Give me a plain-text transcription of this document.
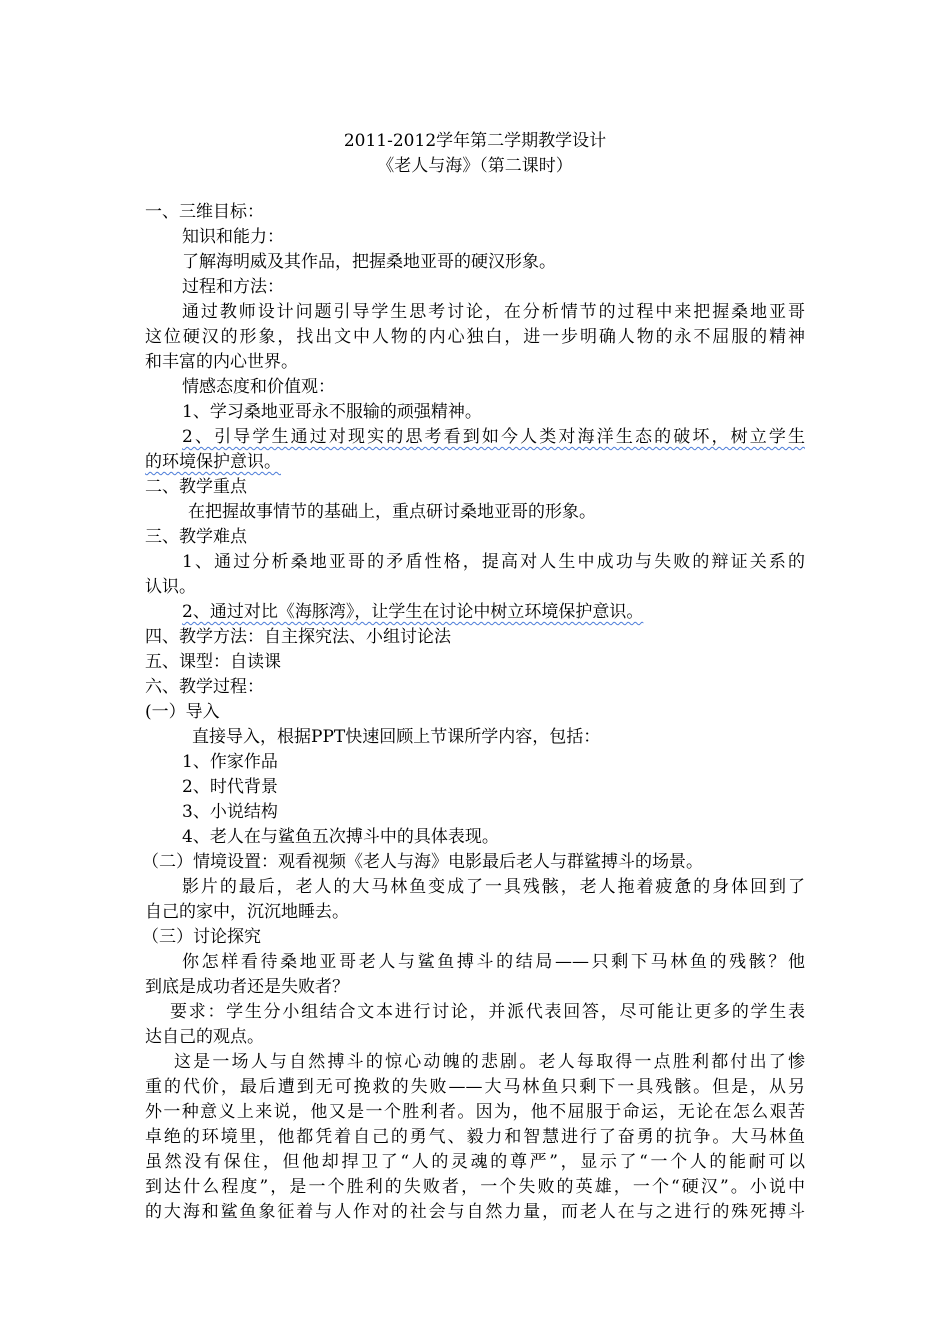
2011-2012学年第二学期教学设计
《老人与海》（第二课时）
一、三维目标：
知识和能力：
了解海明威及其作品，把握桑地亚哥的硬汉形象。
过程和方法：
通过教师设计问题引导学生思考讨论，在分析情节的过程中来把握桑地亚哥
这位硬汉的形象，找出文中人物的内心独白，进一步明确人物的永不屈服的精神
和丰富的内心世界。
情感态度和价值观：
1、学习桑地亚哥永不服输的顽强精神。
2、引导学生通过对现实的思考看到如今人类对海洋生态的破坏，树立学生
的环境保护意识。
二、教学重点
在把握故事情节的基础上，重点研讨桑地亚哥的形象。
三、教学难点
1、通过分析桑地亚哥的矛盾性格，提高对人生中成功与失败的辩证关系的
认识。
2、通过对比《海豚湾》，让学生在讨论中树立环境保护意识。
四、教学方法：自主探究法、小组讨论法
五、课型：自读课
六、教学过程：
(一）导入
直接导入，根据PPT快速回顾上节课所学内容，包括：
1、作家作品
2、时代背景
3、小说结构
4、老人在与鲨鱼五次搏斗中的具体表现。
（二）情境设置：观看视频《老人与海》电影最后老人与群鲨搏斗的场景。
影片的最后，老人的大马林鱼变成了一具残骸，老人拖着疲惫的身体回到了
自己的家中，沉沉地睡去。
（三）讨论探究
你怎样看待桑地亚哥老人与鲨鱼搏斗的结局——只剩下马林鱼的残骸？他
到底是成功者还是失败者？
要求：学生分小组结合文本进行讨论，并派代表回答，尽可能让更多的学生表
达自己的观点。
这是一场人与自然搏斗的惊心动魄的悲剧。老人每取得一点胜利都付出了惨
重的代价，最后遭到无可挽救的失败——大马林鱼只剩下一具残骸。但是，从另
外一种意义上来说，他又是一个胜利者。因为，他不屈服于命运，无论在怎么艰苦
卓绝的环境里，他都凭着自己的勇气、毅力和智慧进行了奋勇的抗争。大马林鱼
虽然没有保住，但他却捍卫了“人的灵魂的尊严”，显示了“一个人的能耐可以
到达什么程度”，是一个胜利的失败者，一个失败的英雄，一个“硬汉”。小说中
的大海和鲨鱼象征着与人作对的社会与自然力量，而老人在与之进行的殊死搏斗
